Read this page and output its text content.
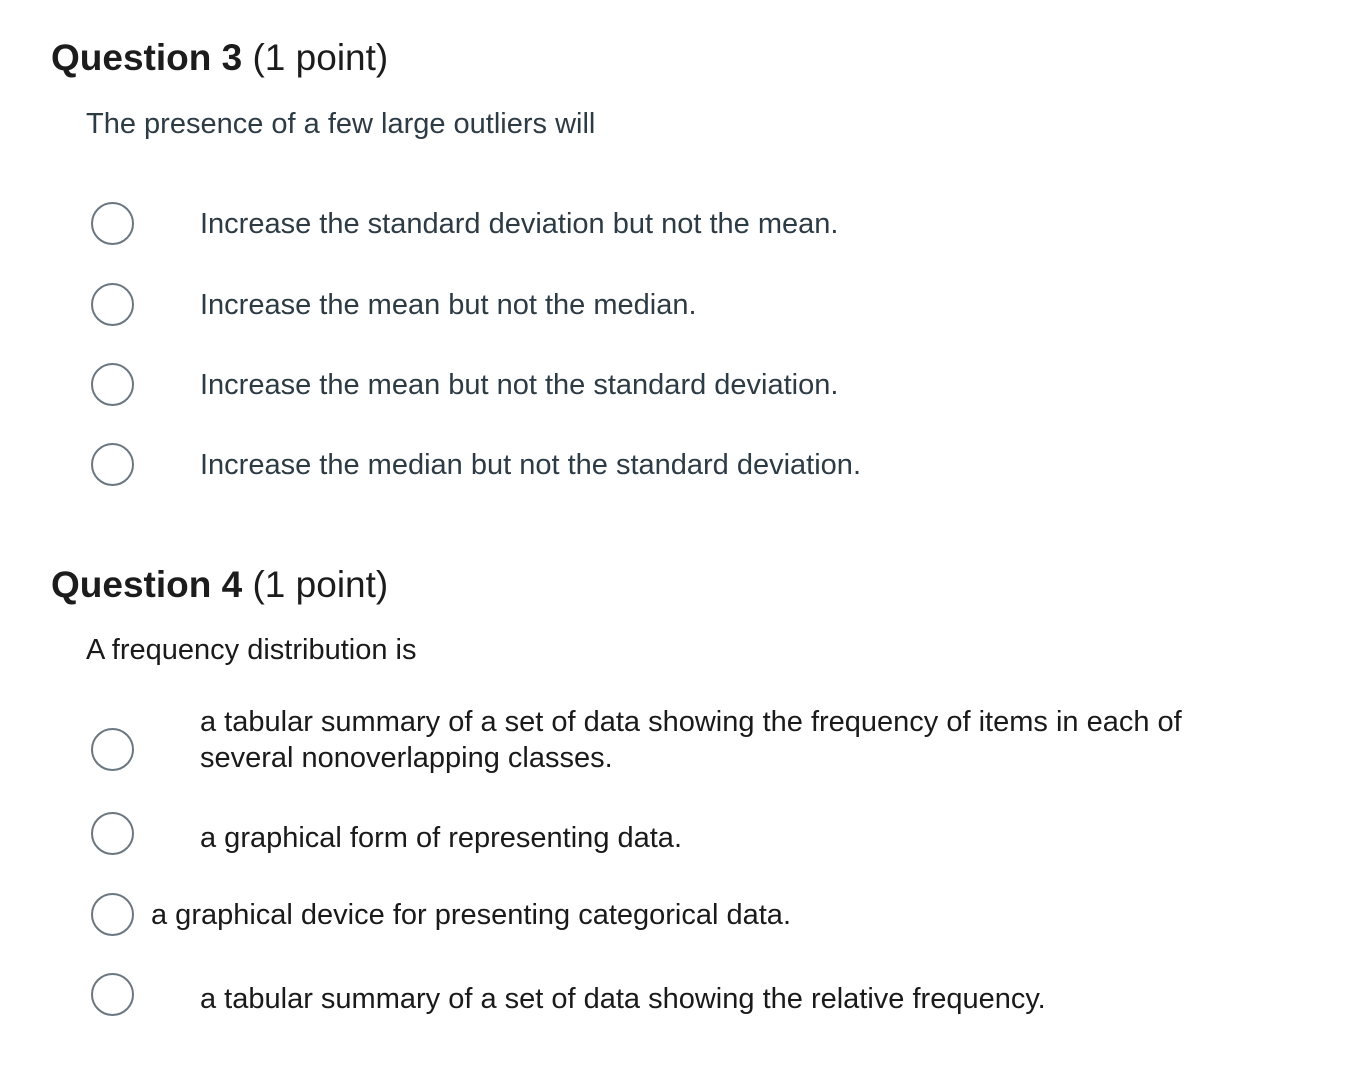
Question 3 (1 point)

The presence of a few large outliers will

Increase the standard deviation but not the mean.
Increase the mean but not the median.
Increase the mean but not the standard deviation.
Increase the median but not the standard deviation.
Question 4 (1 point)

A frequency distribution is

a tabular summary of a set of data showing the frequency of items in each of
several nonoverlapping classes.
a graphical form of representing data.
a graphical device for presenting categorical data.
a tabular summary of a set of data showing the relative frequency.
